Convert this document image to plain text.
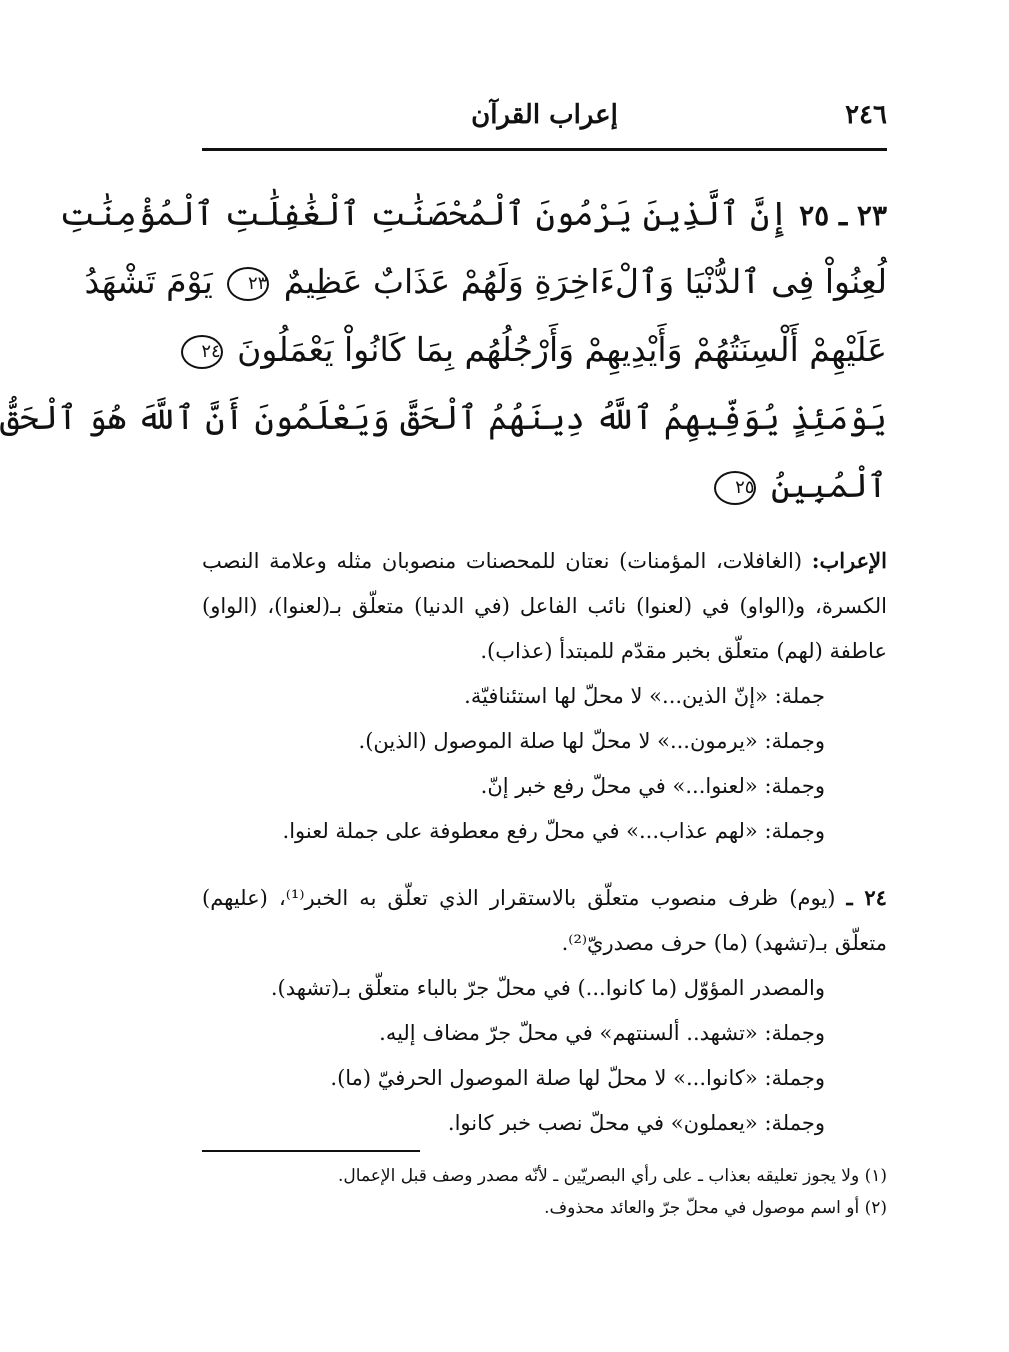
٢٤٦
إعراب القرآن
٢٣ ـ ٢٥ إِنَّ ٱلَّذِينَ يَرْمُونَ ٱلْمُحْصَنَٰتِ ٱلْغَٰفِلَٰتِ ٱلْمُؤْمِنَٰتِ
لُعِنُواْ فِى ٱلدُّنْيَا وَٱلْءَاخِرَةِ وَلَهُمْ عَذَابٌ عَظِيمٌ ٢٣ يَوْمَ تَشْهَدُ
عَلَيْهِمْ أَلْسِنَتُهُمْ وَأَيْدِيهِمْ وَأَرْجُلُهُم بِمَا كَانُواْ يَعْمَلُونَ ٢٤
يَوْمَئِذٍ يُوَفِّيهِمُ ٱللَّهُ دِينَهُمُ ٱلْحَقَّ وَيَعْلَمُونَ أَنَّ ٱللَّهَ هُوَ ٱلْحَقُّ
ٱلْمُبِينُ ٢٥

الإعراب: (الغافلات، المؤمنات) نعتان للمحصنات منصوبان مثله وعلامة النصب الكسرة، و(الواو) في (لعنوا) نائب الفاعل (في الدنيا) متعلّق بـ(لعنوا)، (الواو) عاطفة (لهم) متعلّق بخبر مقدّم للمبتدأ (عذاب).

جملة: «إنّ الذين...» لا محلّ لها استئنافيّة.

وجملة: «يرمون...» لا محلّ لها صلة الموصول (الذين).

وجملة: «لعنوا...» في محلّ رفع خبر إنّ.

وجملة: «لهم عذاب...» في محلّ رفع معطوفة على جملة لعنوا.

٢٤ ـ (يوم) ظرف منصوب متعلّق بالاستقرار الذي تعلّق به الخبر⁽¹⁾، (عليهم) متعلّق بـ(تشهد) (ما) حرف مصدريّ⁽²⁾.

والمصدر المؤوّل (ما كانوا...) في محلّ جرّ بالباء متعلّق بـ(تشهد).

وجملة: «تشهد.. ألسنتهم» في محلّ جرّ مضاف إليه.

وجملة: «كانوا...» لا محلّ لها صلة الموصول الحرفيّ (ما).

وجملة: «يعملون» في محلّ نصب خبر كانوا.

(١) ولا يجوز تعليقه بعذاب ـ على رأي البصريّين ـ لأنّه مصدر وصف قبل الإعمال.

(٢) أو اسم موصول في محلّ جرّ والعائد محذوف.
